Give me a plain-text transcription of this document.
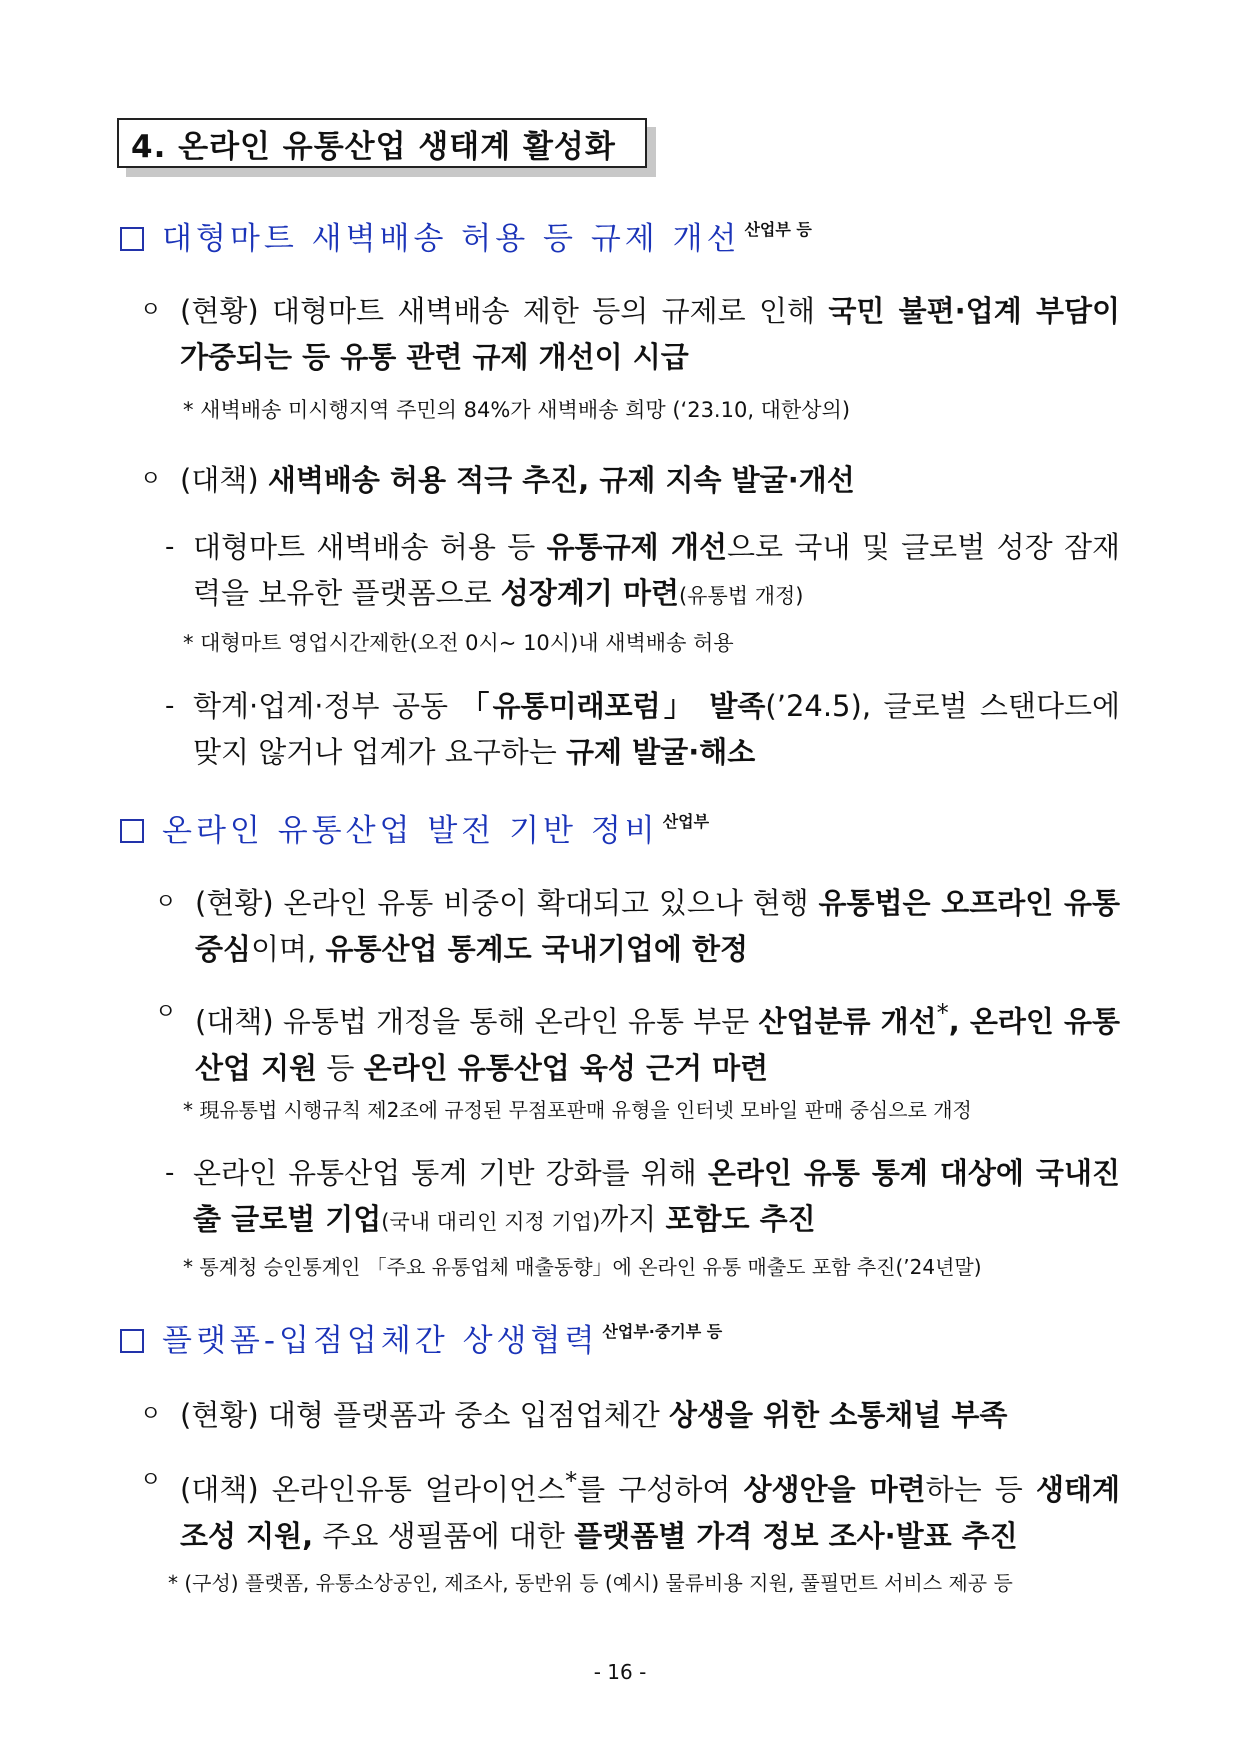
4. 온라인 유통산업 생태계 활성화
대형마트 새벽배송 허용 등 규제 개선 $^{산업부 등}$
ㅇ (현황) 대형마트 새벽배송 제한 등의 규제로 인해 국민 불편·업계 부담이 가중되는 등 유통 관련 규제 개선이 시급
* 새벽배송 미시행지역 주민의 84%가 새벽배송 희망 (‘23.10, 대한상의)
ㅇ (대책) 새벽배송 허용 적극 추진, 규제 지속 발굴·개선
- 대형마트 새벽배송 허용 등 유통규제 개선으로 국내 및 글로벌 성장 잠재력을 보유한 플랫폼으로 성장계기 마련(유통법 개정)
* 대형마트 영업시간제한(오전 0시~ 10시)내 새벽배송 허용
- 학계·업계·정부 공동 「유통미래포럼」 발족(’24.5), 글로벌 스탠다드에 맞지 않거나 업계가 요구하는 규제 발굴·해소
온라인 유통산업 발전 기반 정비 $^{산업부}$
ㅇ (현황) 온라인 유통 비중이 확대되고 있으나 현행 유통법은 오프라인 유통 중심이며, 유통산업 통계도 국내기업에 한정
ㅇ (대책) 유통법 개정을 통해 온라인 유통 부문 산업분류 개선*, 온라인 유통산업 지원 등 온라인 유통산업 육성 근거 마련
* 現유통법 시행규칙 제2조에 규정된 무점포판매 유형을 인터넷 모바일 판매 중심으로 개정
- 온라인 유통산업 통계 기반 강화를 위해 온라인 유통 통계 대상에 국내진출 글로벌 기업(국내 대리인 지정 기업)까지 포함도 추진
* 통계청 승인통계인 「주요 유통업체 매출동향」에 온라인 유통 매출도 포함 추진(’24년말)
플랫폼-입점업체간 상생협력 $^{산업부\cdot 중기부 등}$
ㅇ (현황) 대형 플랫폼과 중소 입점업체간 상생을 위한 소통채널 부족
ㅇ (대책) 온라인유통 얼라이언스*를 구성하여 상생안을 마련하는 등 생태계 조성 지원, 주요 생필품에 대한 플랫폼별 가격 정보 조사·발표 추진
* (구성) 플랫폼, 유통소상공인, 제조사, 동반위 등 (예시) 물류비용 지원, 풀필먼트 서비스 제공 등
- 16 -
